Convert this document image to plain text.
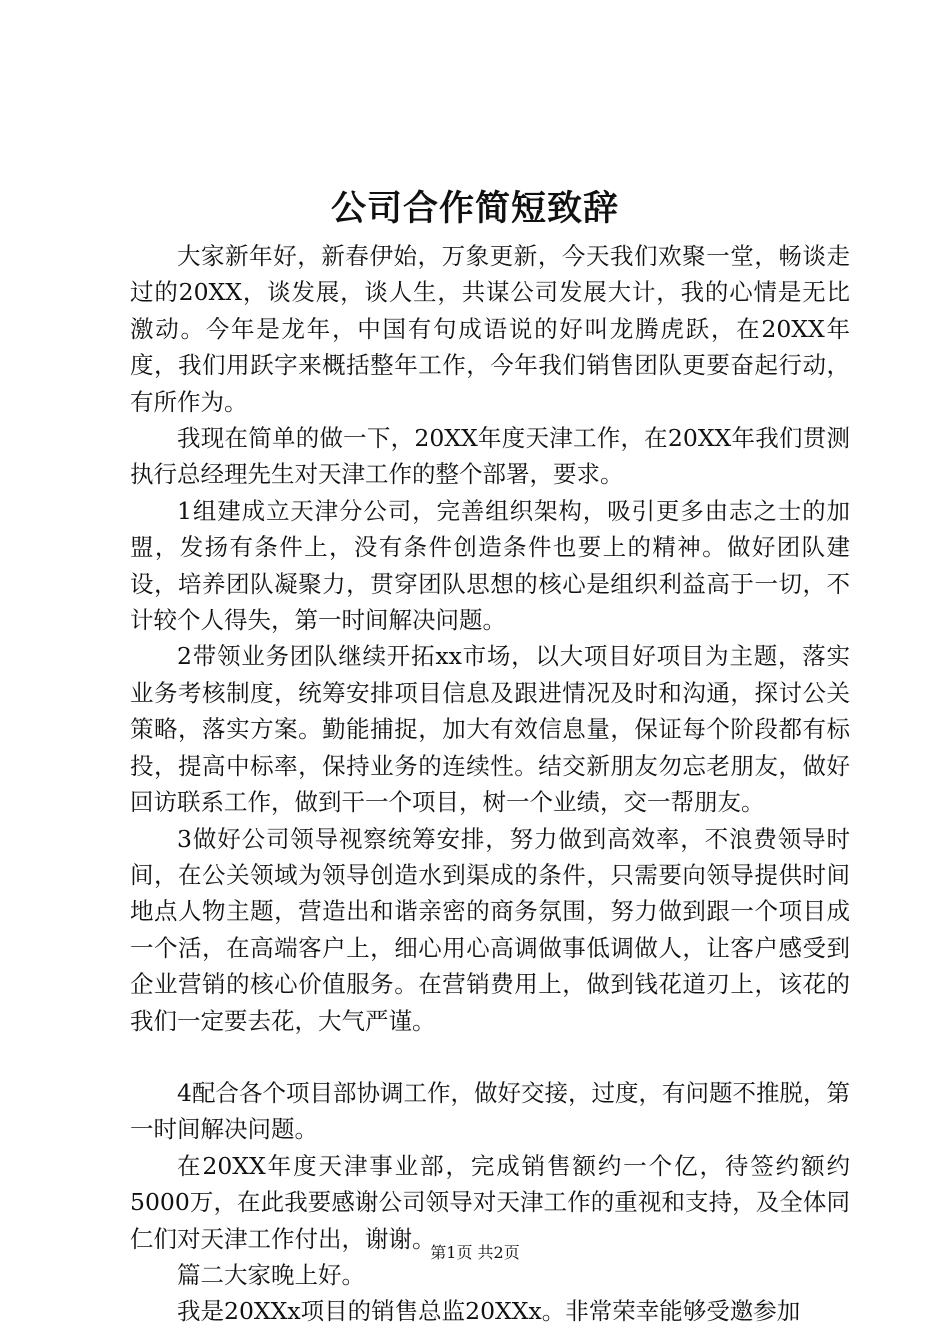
公司合作简短致辞

大家新年好，新春伊始，万象更新，今天我们欢聚一堂，畅谈走过的20XX，谈发展，谈人生，共谋公司发展大计，我的心情是无比激动。今年是龙年，中国有句成语说的好叫龙腾虎跃，在20XX年度，我们用跃字来概括整年工作，今年我们销售团队更要奋起行动，有所作为。

我现在简单的做一下，20XX年度天津工作，在20XX年我们贯测执行总经理先生对天津工作的整个部署，要求。

1组建成立天津分公司，完善组织架构，吸引更多由志之士的加盟，发扬有条件上，没有条件创造条件也要上的精神。做好团队建设，培养团队凝聚力，贯穿团队思想的核心是组织利益高于一切，不计较个人得失，第一时间解决问题。

2带领业务团队继续开拓xx市场，以大项目好项目为主题，落实业务考核制度，统筹安排项目信息及跟进情况及时和沟通，探讨公关策略，落实方案。勤能捕捉，加大有效信息量，保证每个阶段都有标投，提高中标率，保持业务的连续性。结交新朋友勿忘老朋友，做好回访联系工作，做到干一个项目，树一个业绩，交一帮朋友。

3做好公司领导视察统筹安排，努力做到高效率，不浪费领导时间，在公关领域为领导创造水到渠成的条件，只需要向领导提供时间地点人物主题，营造出和谐亲密的商务氛围，努力做到跟一个项目成一个活，在高端客户上，细心用心高调做事低调做人，让客户感受到企业营销的核心价值服务。在营销费用上，做到钱花道刃上，该花的我们一定要去花，大气严谨。

4配合各个项目部协调工作，做好交接，过度，有问题不推脱，第一时间解决问题。

在20XX年度天津事业部，完成销售额约一个亿，待签约额约5000万，在此我要感谢公司领导对天津工作的重视和支持，及全体同仁们对天津工作付出，谢谢。

篇二大家晚上好。

我是20XXx项目的销售总监20XXx。非常荣幸能够受邀参加

第1页 共2页
